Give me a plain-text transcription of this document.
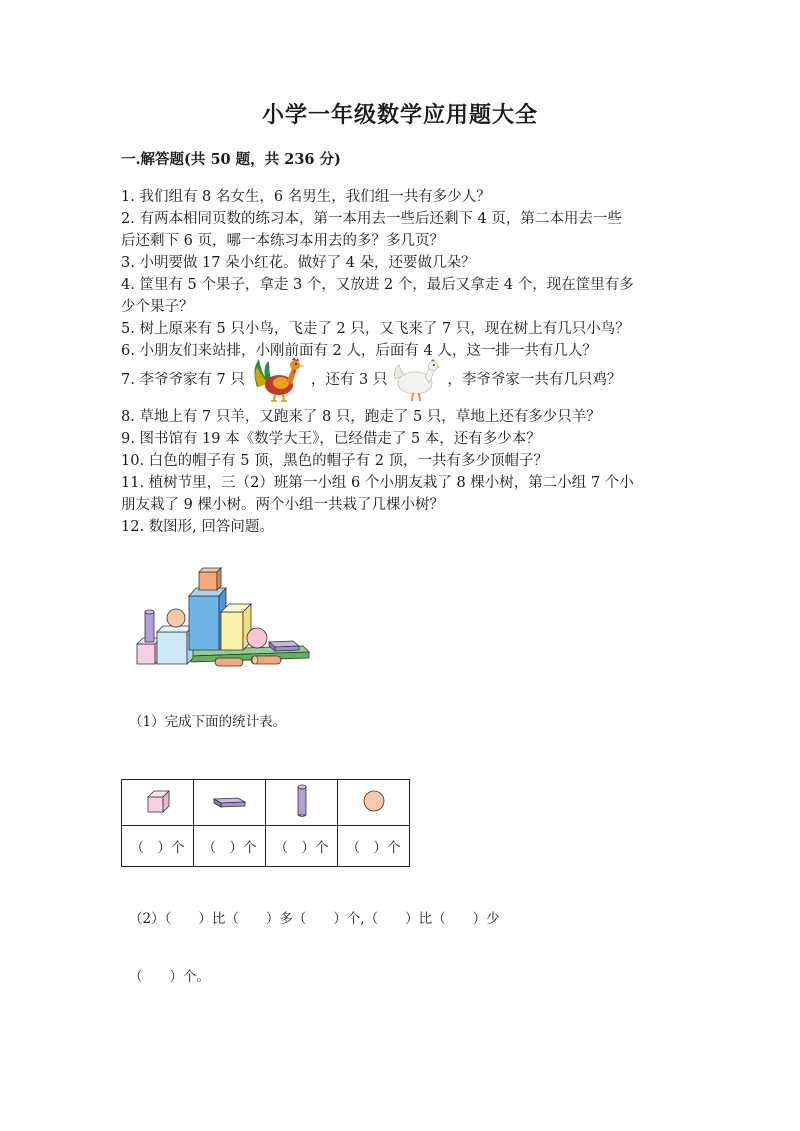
小学一年级数学应用题大全
一.解答题(共 50 题，共 236 分)
1. 我们组有 8 名女生，6 名男生，我们组一共有多少人？
2. 有两本相同页数的练习本，第一本用去一些后还剩下 4 页，第二本用去一些
后还剩下 6 页，哪一本练习本用去的多？多几页？
3. 小明要做 17 朵小红花。做好了 4 朵，还要做几朵？
4. 筐里有 5 个果子，拿走 3 个，又放进 2 个，最后又拿走 4 个，现在筐里有多
少个果子？
5. 树上原来有 5 只小鸟，飞走了 2 只，又飞来了 7 只，现在树上有几只小鸟？
6. 小朋友们来站排，小刚前面有 2 人，后面有 4 人，这一排一共有几人？
7. 李爷爷家有 7 只	，还有 3 只	，李爷爷家一共有几只鸡？
8. 草地上有 7 只羊，又跑来了 8 只，跑走了 5 只，草地上还有多少只羊？
9. 图书馆有 19 本《数学大王》，已经借走了 5 本，还有多少本？
10. 白色的帽子有 5 顶，黑色的帽子有 2 顶，一共有多少顶帽子？
11. 植树节里，三（2）班第一小组 6 个小朋友栽了 8 棵小树，第二小组 7 个小
朋友栽了 9 棵小树。两个小组一共栽了几棵小树？
12. 数图形, 回答问题。
（1）完成下面的统计表。

（　）个	（　）个	（　）个	（　）个
（2）（　　）比（　　）多（　　）个,（　　）比（　　）少
（　　）个。
